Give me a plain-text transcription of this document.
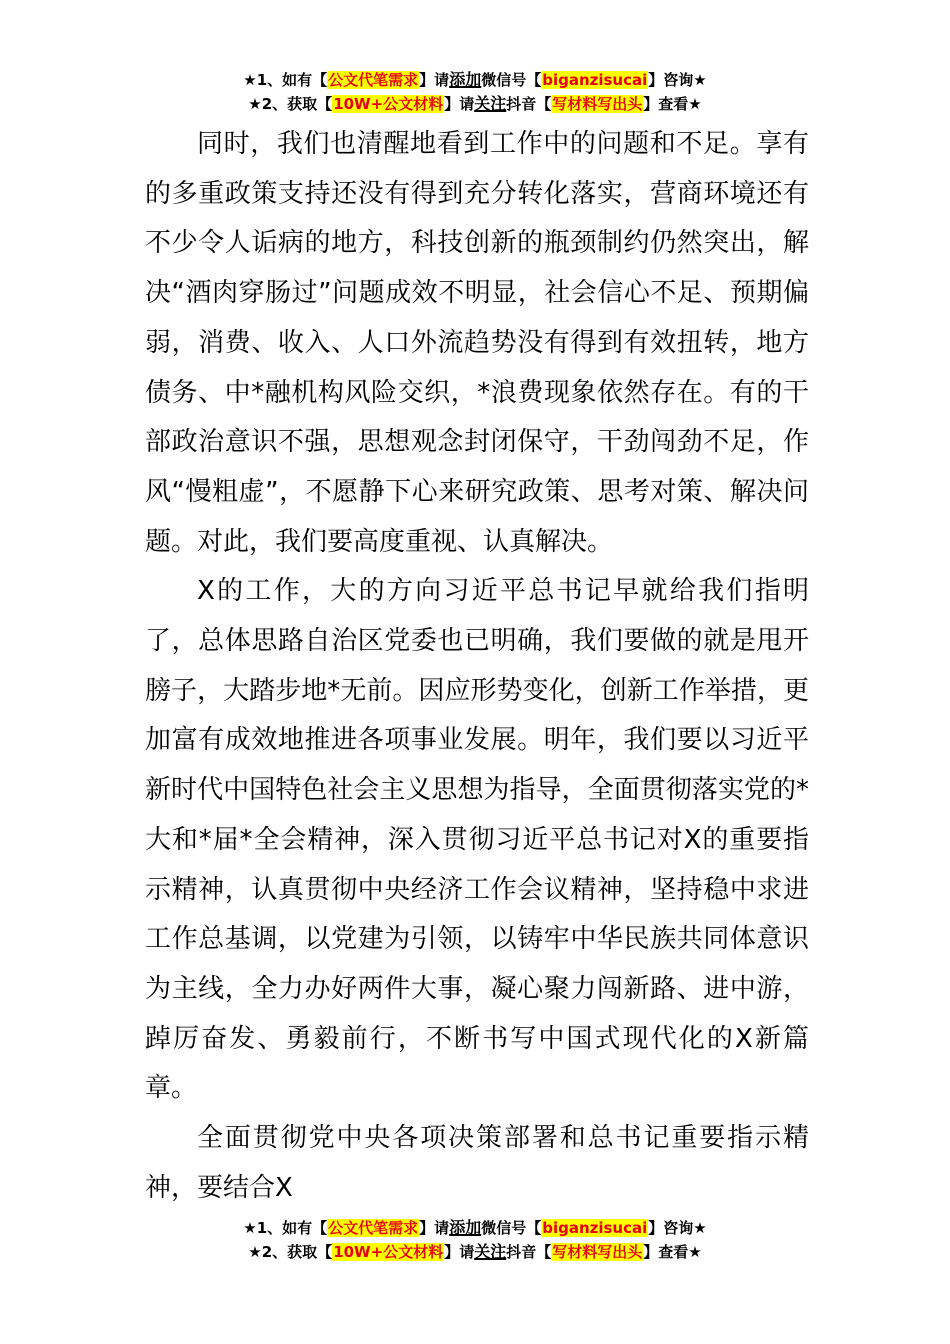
★1、如有【公文代笔需求】请添加微信号【biganzisucai】咨询★
★2、获取【10W+公文材料】请关注抖音【写材料写出头】查看★

同时，我们也清醒地看到工作中的问题和不足。享有的多重政策支持还没有得到充分转化落实，营商环境还有不少令人诟病的地方，科技创新的瓶颈制约仍然突出，解决“酒肉穿肠过”问题成效不明显，社会信心不足、预期偏弱，消费、收入、人口外流趋势没有得到有效扭转，地方债务、中*融机构风险交织，*浪费现象依然存在。有的干部政治意识不强，思想观念封闭保守，干劲闯劲不足，作风“慢粗虚”，不愿静下心来研究政策、思考对策、解决问题。对此，我们要高度重视、认真解决。

X的工作，大的方向习近平总书记早就给我们指明了，总体思路自治区党委也已明确，我们要做的就是甩开膀子，大踏步地*无前。因应形势变化，创新工作举措，更加富有成效地推进各项事业发展。明年，我们要以习近平新时代中国特色社会主义思想为指导，全面贯彻落实党的*大和*届*全会精神，深入贯彻习近平总书记对X的重要指示精神，认真贯彻中央经济工作会议精神，坚持稳中求进工作总基调，以党建为引领，以铸牢中华民族共同体意识为主线，全力办好两件大事，凝心聚力闯新路、进中游，踔厉奋发、勇毅前行，不断书写中国式现代化的X新篇章。

全面贯彻党中央各项决策部署和总书记重要指示精神，要结合X

★1、如有【公文代笔需求】请添加微信号【biganzisucai】咨询★
★2、获取【10W+公文材料】请关注抖音【写材料写出头】查看★
